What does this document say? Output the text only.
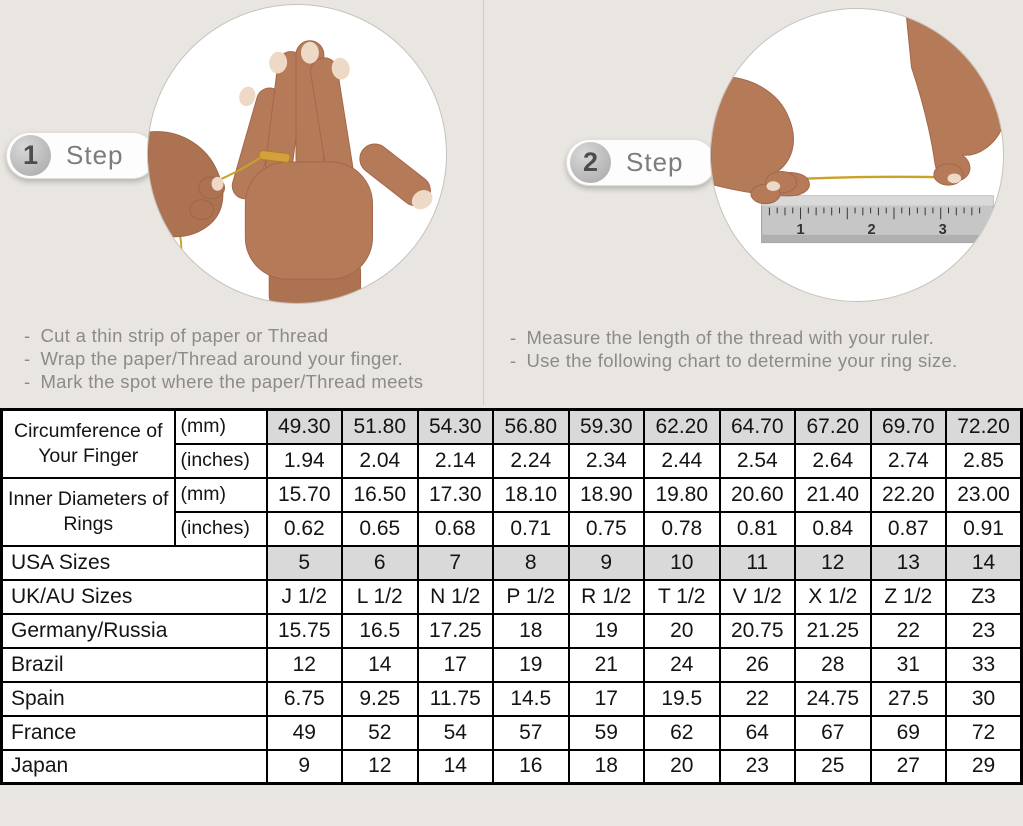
1	Step
- Cut a thin strip of paper or Thread
- Wrap the paper/Thread around your finger.
- Mark the spot where the paper/Thread meets
2	Step
1	2	3
- Measure the length of the thread with your ruler.
- Use the following chart to determine your ring size.
Circumference of Your Finger	(mm)	49.30	51.80	54.30	56.80	59.30	62.20	64.70	67.20	69.70	72.20
	(inches)	1.94	2.04	2.14	2.24	2.34	2.44	2.54	2.64	2.74	2.85
Inner Diameters of Rings	(mm)	15.70	16.50	17.30	18.10	18.90	19.80	20.60	21.40	22.20	23.00
	(inches)	0.62	0.65	0.68	0.71	0.75	0.78	0.81	0.84	0.87	0.91
USA Sizes		5	6	7	8	9	10	11	12	13	14
UK/AU Sizes		J 1/2	L 1/2	N 1/2	P 1/2	R 1/2	T 1/2	V 1/2	X 1/2	Z 1/2	Z3
Germany/Russia		15.75	16.5	17.25	18	19	20	20.75	21.25	22	23
Brazil		12	14	17	19	21	24	26	28	31	33
Spain		6.75	9.25	11.75	14.5	17	19.5	22	24.75	27.5	30
France		49	52	54	57	59	62	64	67	69	72
Japan		9	12	14	16	18	20	23	25	27	29
